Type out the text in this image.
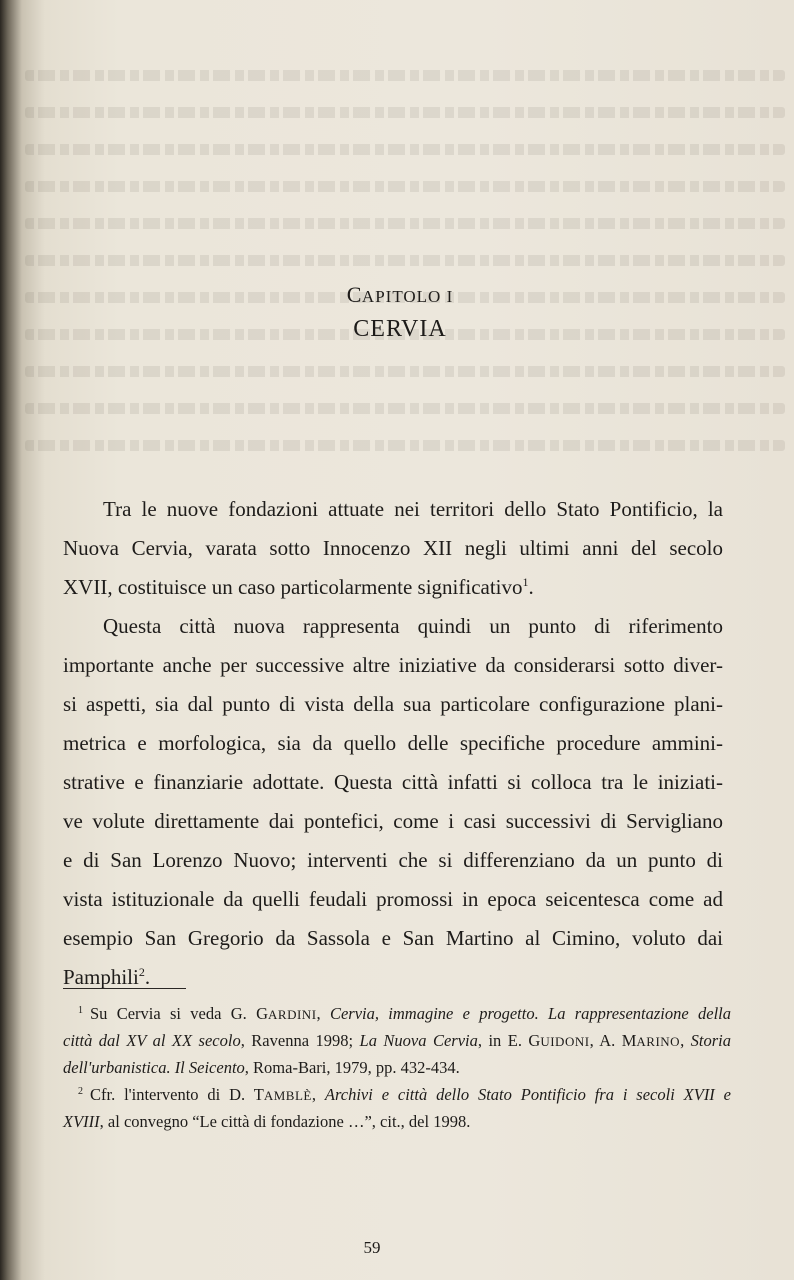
CAPITOLO I
CERVIA
Tra le nuove fondazioni attuate nei territori dello Stato Pontificio, la
Nuova Cervia, varata sotto Innocenzo XII negli ultimi anni del secolo
XVII, costituisce un caso particolarmente significativo$^1$.
Questa città nuova rappresenta quindi un punto di riferimento
importante anche per successive altre iniziative da considerarsi sotto diver-
si aspetti, sia dal punto di vista della sua particolare configurazione plani-
metrica e morfologica, sia da quello delle specifiche procedure ammini-
strative e finanziarie adottate. Questa città infatti si colloca tra le iniziati-
ve volute direttamente dai pontefici, come i casi successivi di Servigliano
e di San Lorenzo Nuovo; interventi che si differenziano da un punto di
vista istituzionale da quelli feudali promossi in epoca seicentesca come ad
esempio San Gregorio da Sassola e San Martino al Cimino, voluto dai
Pamphili$^2$.
$^1$ Su Cervia si veda G. GARDINI, Cervia, immagine e progetto. La rappresentazione della
città dal XV al XX secolo, Ravenna 1998; La Nuova Cervia, in E. GUIDONI, A. MARINO, Storia
dell'urbanistica. Il Seicento, Roma-Bari, 1979, pp. 432-434.
$^2$ Cfr. l'intervento di D. TAMBLÈ, Archivi e città dello Stato Pontificio fra i secoli XVII e
XVIII, al convegno “Le città di fondazione …”, cit., del 1998.
59
